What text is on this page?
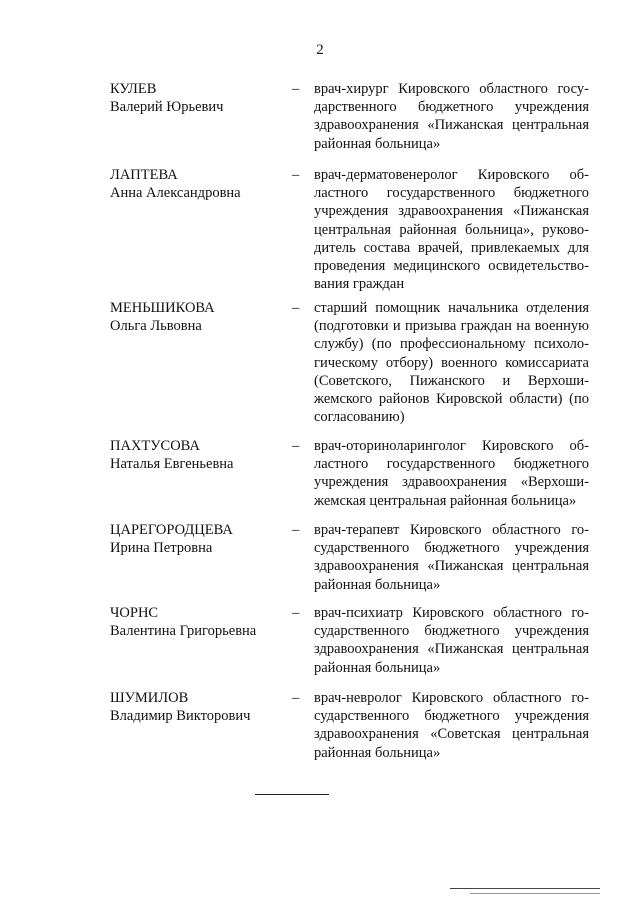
2
КУЛЕВ
Валерий Юрьевич
– врач-хирург Кировского областного госу-
дарственного бюджетного учреждения
здравоохранения «Пижанская центральная
районная больница»
ЛАПТЕВА
Анна Александровна
– врач-дерматовенеролог Кировского об-
ластного государственного бюджетного
учреждения здравоохранения «Пижанская
центральная районная больница», руково-
дитель состава врачей, привлекаемых для
проведения медицинского освидетельство-
вания граждан
МЕНЬШИКОВА
Ольга Львовна
– старший помощник начальника отделения
(подготовки и призыва граждан на военную
службу) (по профессиональному психоло-
гическому отбору) военного комиссариата
(Советского, Пижанского и Верхоши-
жемского районов Кировской области) (по
согласованию)
ПАХТУСОВА
Наталья Евгеньевна
– врач-оториноларинголог Кировского об-
ластного государственного бюджетного
учреждения здравоохранения «Верхоши-
жемская центральная районная больница»
ЦАРЕГОРОДЦЕВА
Ирина Петровна
– врач-терапевт Кировского областного го-
сударственного бюджетного учреждения
здравоохранения «Пижанская центральная
районная больница»
ЧОРНС
Валентина Григорьевна
– врач-психиатр Кировского областного го-
сударственного бюджетного учреждения
здравоохранения «Пижанская центральная
районная больница»
ШУМИЛОВ
Владимир Викторович
– врач-невролог Кировского областного го-
сударственного бюджетного учреждения
здравоохранения «Советская центральная
районная больница»
